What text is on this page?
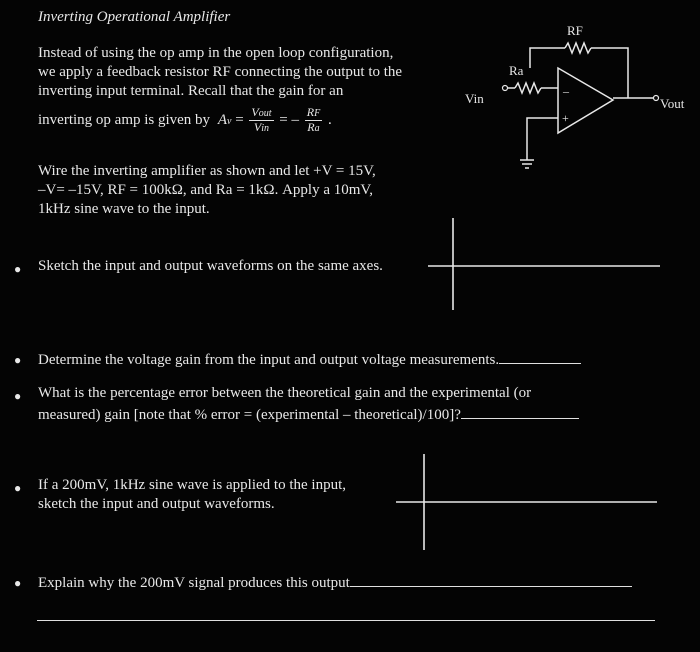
Inverting Operational Amplifier
Instead of using the op amp in the open loop configuration,
we apply a feedback resistor RF connecting the output to the
inverting input terminal. Recall that the gain for an
inverting op amp is given by $Av = \frac{\text{Vout}}{\text{Vin}}$ = – $\frac{RF}{Ra}$ .
Wire the inverting amplifier as shown and let +V = 15V,
–V= –15V, RF = 100kΩ, and Ra = 1kΩ. Apply a 10mV,
1kHz sine wave to the input.
RF
Ra
Vin	Vout
–
+
● Sketch the input and output waveforms on the same axes.
● Determine the voltage gain from the input and output voltage measurements.
● What is the percentage error between the theoretical gain and the experimental (or
measured) gain [note that % error = (experimental – theoretical)/100]?
● If a 200mV, 1kHz sine wave is applied to the input,
sketch the input and output waveforms.
● Explain why the 200mV signal produces this output
